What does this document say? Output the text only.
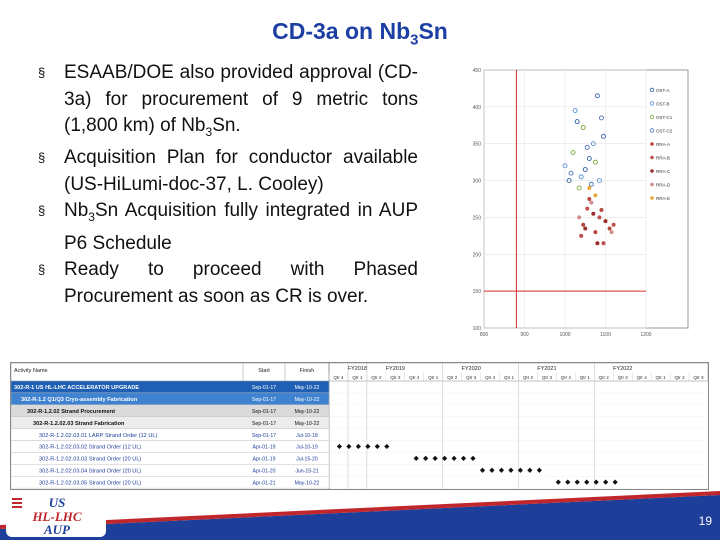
CD-3a on $Nb_3Sn$
§ ESAAB/DOE also provided approval (CD-3a) for procurement of 9 metric tons (1,800 km) of $Nb_3Sn$.
§ Acquisition Plan for conductor available (US-HiLumi-doc-37, L. Cooley)
§ $Nb_3Sn$ Acquisition fully integrated in AUP P6 Schedule
§ Ready to proceed with Phased Procurement as soon as CR is over.
100
150
200
250
300
350
400
450
800	900	1000	1100	1200
OST-A
OST-B
OST-C1
OST-C2
RRA-A
RRA-B
RRA-C
RRA-D
RRA-E
Activity Name	Start	Finish	FY2018	FY2019	FY2020	FY2021	FY2022
Qtr 4 Qtr 1 Qtr 2 Qtr 3 Qtr 4 Qtr 1 Qtr 2 Qtr 3 Qtr 4 Qtr 1 Qtr 2 Qtr 3 Qtr 4 Qtr 1 Qtr 2 Qtr 3 Qtr 4 Qtr 1 Qtr 2 Qtr 3
302-R-1 US HL-LHC ACCELERATOR UPGRADE	Sep-01-17	May-10-22
302-R-1.2 Q1/Q3 Cryo-assembly Fabrication	Sep-01-17	May-10-22
302-R-1.2.02 Strand Procurement	Sep-01-17	May-10-22
302-R-1.2.02.03 Strand Fabrication	Sep-01-17	May-10-22
302-R-1.2.02.03.01 LARP Strand Order (12 UL)	Sep-01-17	Jul-10-18
302-R-1.2.02.03.02 Strand Order (12 UL)	Apr-01-19	Jul-10-19
302-R-1.2.02.03.03 Strand Order (20 UL)	Apr-01-19	Jul-15-20
302-R-1.2.02.03.04 Strand Order (20 UL)	Apr-01-20	Jun-15-21
302-R-1.2.02.03.05 Strand Order (20 UL)	Apr-01-21	May-10-22
US
HL-LHC
AUP
19
